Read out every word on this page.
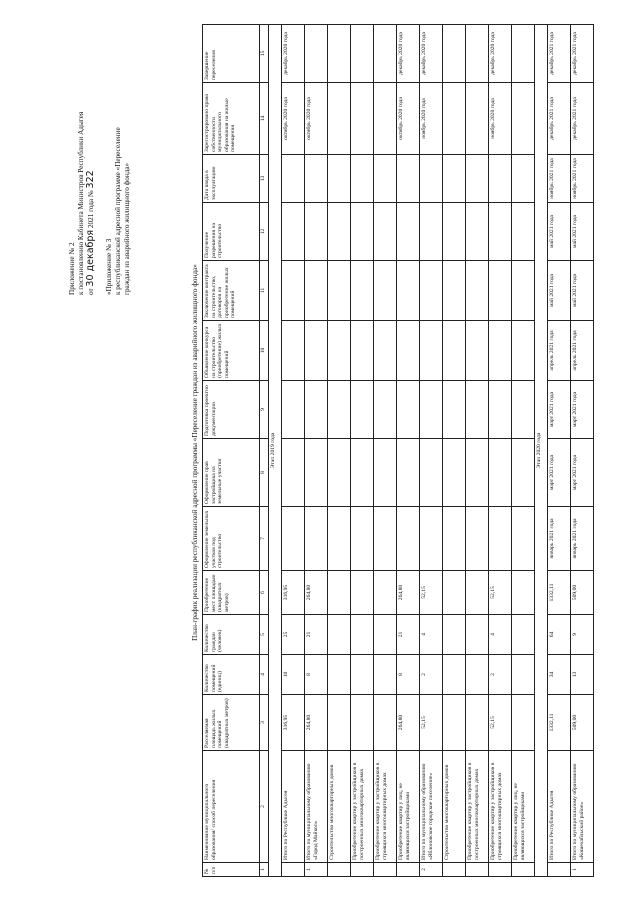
Приложение № 2 к постановлению Кабинета Министров Республики Адыгея от 30 декабря 2021 года № 322
«Приложение № 3 к республиканской адресной программе «Переселение граждан из аварийного жилищного фонда»
План-график реализации республиканской адресной программы «Переселение граждан из аварийного жилищного фонда»
№ п/п	Наименование муниципального образования/ способ переселения	Расселяемая площадь жилых помещений (квадратных метров)	Количество помещений (единиц)	Количество граждан (человек)	Приобретение мест площадью (квадратных метров)	Оформление земельных участков под строительство	Оформление прав застройщика на земельные участки	Подготовка проектно документации	Объявление конкурса на строительство (приобретение) жилых помещений	Заключение контракта на строительство, договоров на приобретение жилых помещений	Получение разрешения на строительство	Дата ввода в эксплуатацию	Зарегистрировано право собственности муниципального образования на жилые помещения	Завершение переселения
1	2	3	4	5	6	7	8	9	10	11	12	13	14	15
Этап 2019 года														
	Итого по Республике Адыгея	316,95	10	25	316,95								октябрь 2020 года	декабрь 2020 года
1	Итого по муниципальному образованию «Город Майкоп»	264,80	8	21	264,80								октябрь 2020 года	
	Строительство многоквартирных домов													
	Приобретение квартир у застройщиков в построенных многоквартирных домах													
	Приобретение квартир у застройщиков в строящихся многоквартирных домах													
	Приобретение квартир у лиц, не являющихся застройщиками	264,80	8	21	264,80								октябрь 2020 года	декабрь 2020 года
2	Итого по муниципальному образованию «Яблоновское городское поселение»	52,15	2	4	52,15								ноябрь 2020 года	декабрь 2020 года
	Строительство многоквартирных домов													
	Приобретение квартир у застройщиков в построенных многоквартирных домах													
	Приобретение квартир у застройщиков в строящихся многоквартирных домах	52,15	2	4	52,15								ноябрь 2020 года	декабрь 2020 года
	Приобретение квартир у лиц, не являющихся застройщиками													
Этап 2020 года														
	Итого по Республике Адыгея	1332,11	34	64	1332,11	январь 2021 года	март 2021 года	март 2021 года	апрель 2021 года	май 2021 года	май 2021 года	ноябрь 2021 года	декабрь 2021 года	декабрь 2021 года
1	Итого по муниципальному образованию «Кошехабльский район»	509,00	13	9	509,00	январь 2021 года	март 2021 года	март 2021 года	апрель 2021 года	май 2021 года	май 2021 года	ноябрь 2021 года	декабрь 2021 года	декабрь 2021 года
